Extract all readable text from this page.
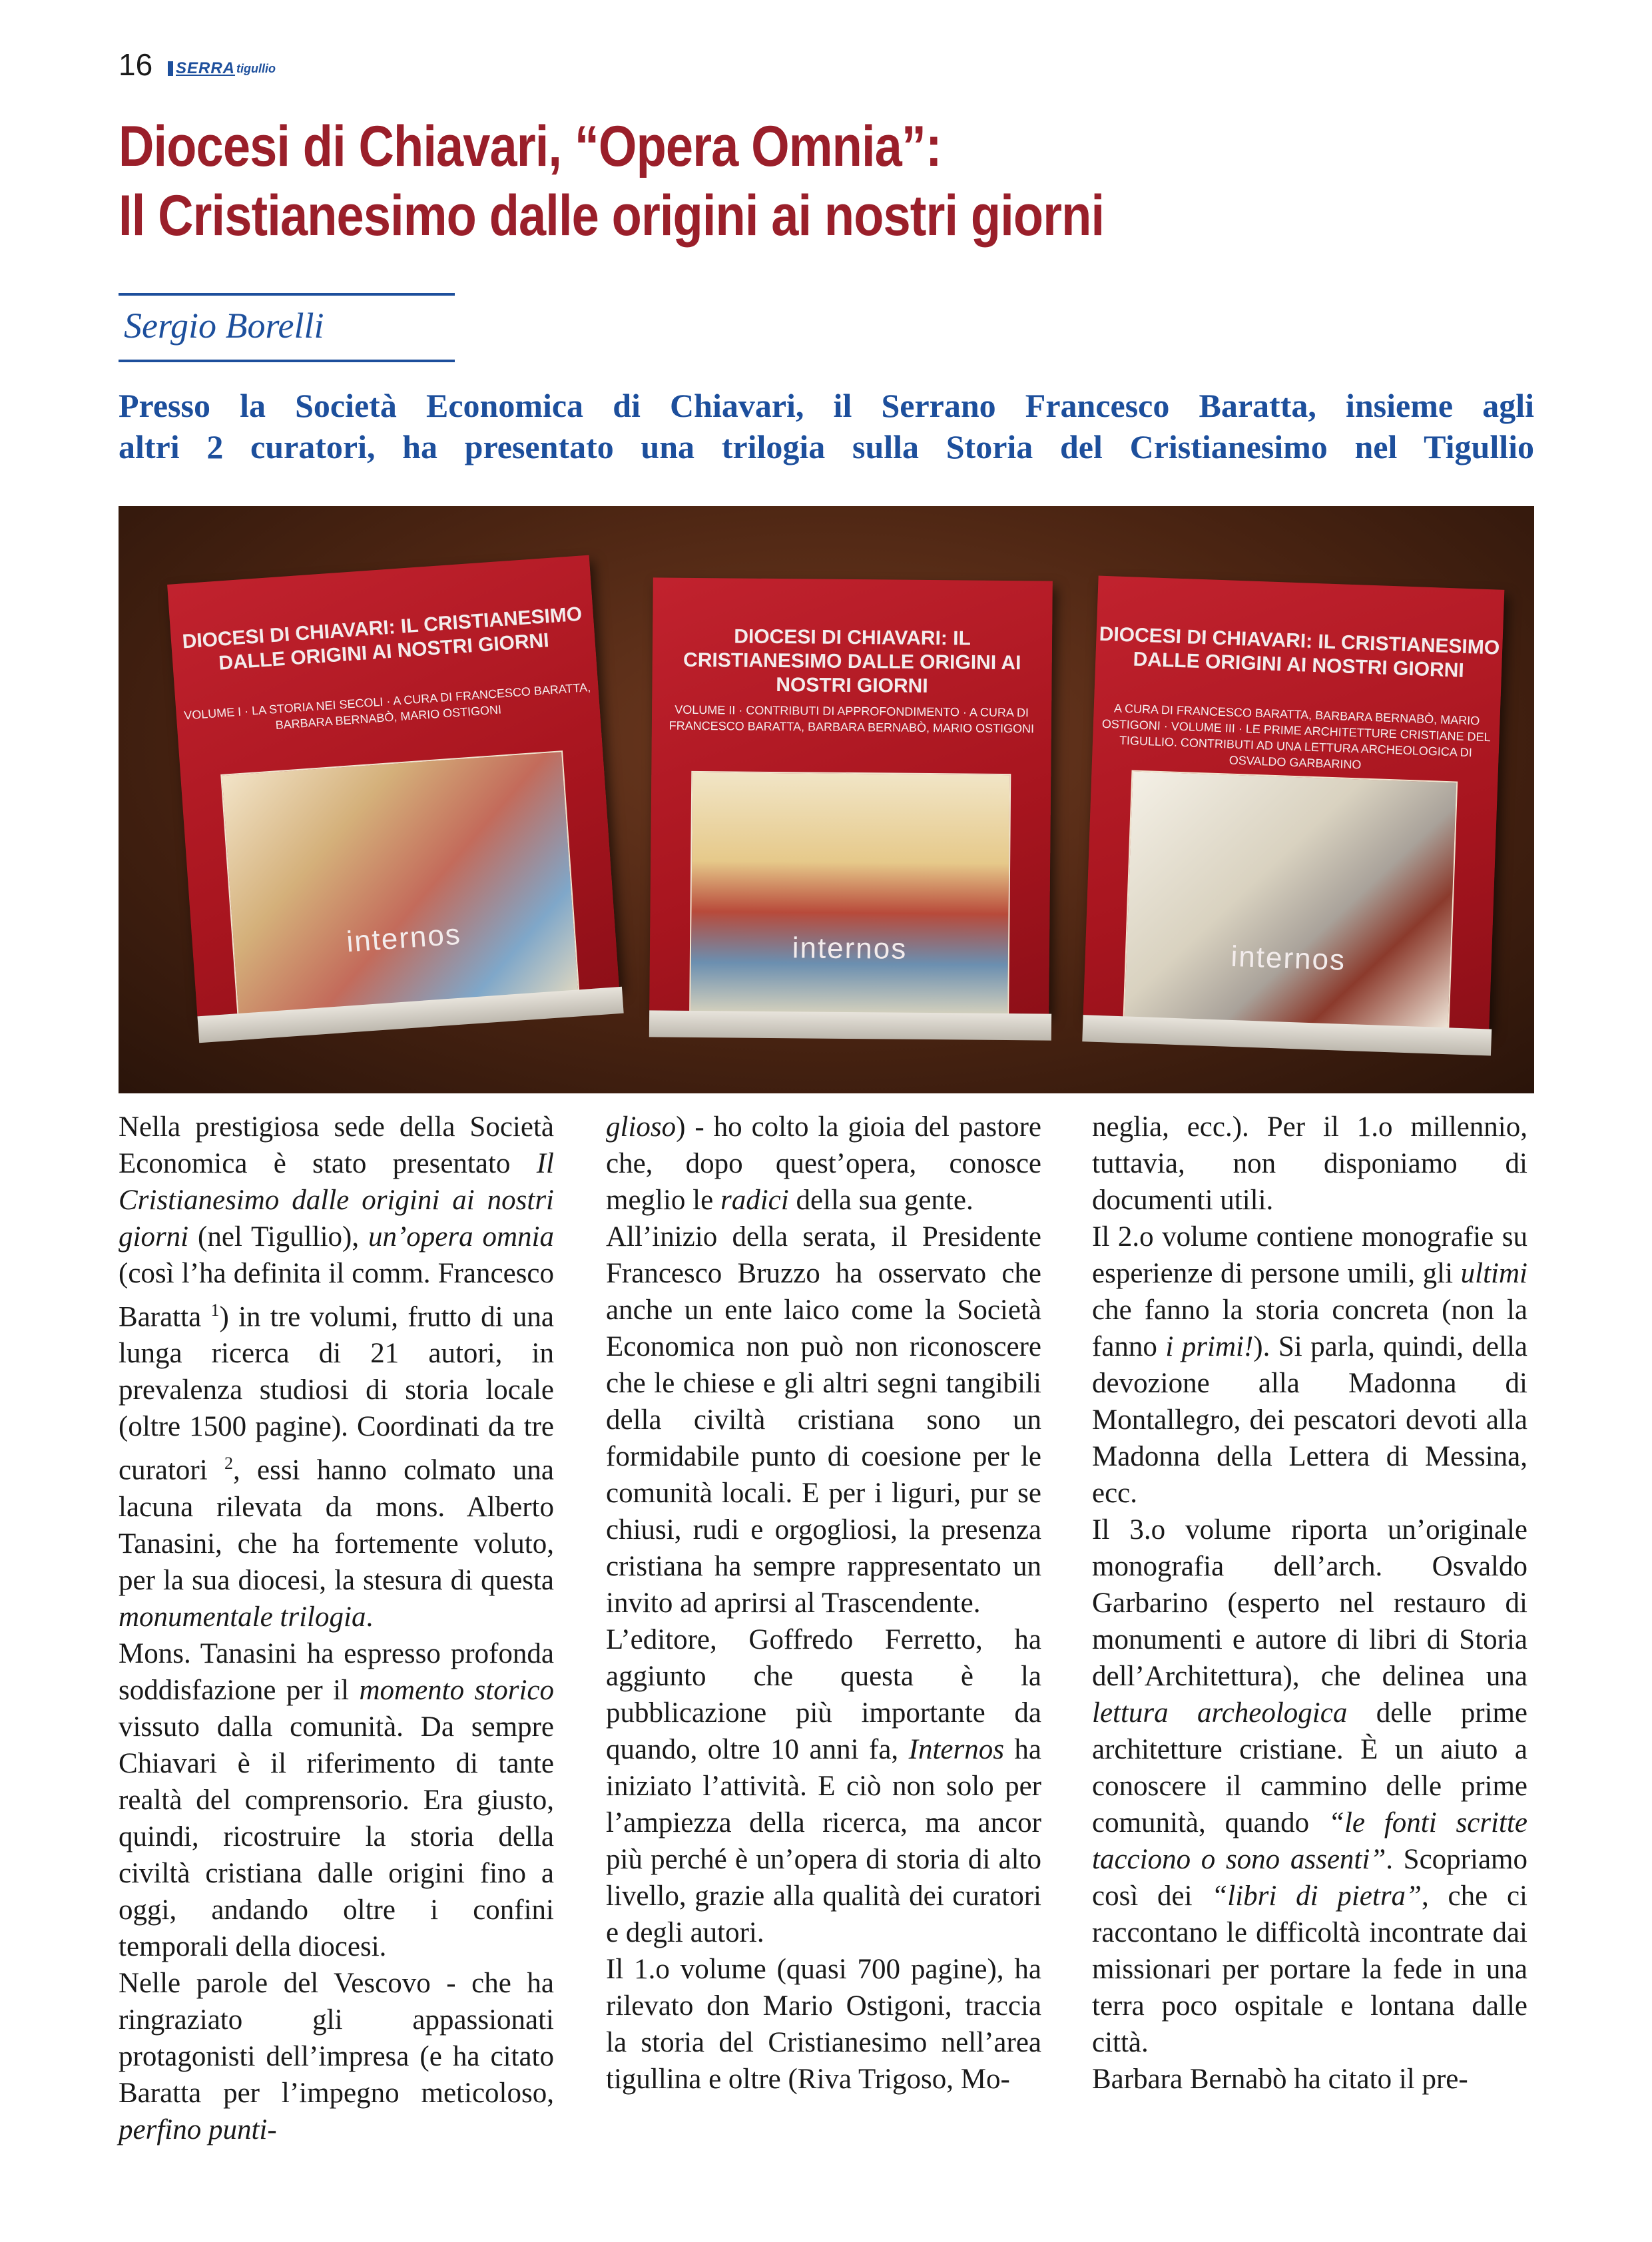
16 SERRA tigullio
Diocesi di Chiavari, “Opera Omnia”:
Il Cristianesimo dalle origini ai nostri giorni
Sergio Borelli

Presso la Società Economica di Chiavari, il Serrano Francesco Baratta, insieme agli
altri 2 curatori, ha presentato una trilogia sulla Storia del Cristianesimo nel Tigullio

DIOCESI DI CHIAVARI: IL CRISTIANESIMO DALLE ORIGINI AI NOSTRI GIORNI
VOLUME I · LA STORIA NEI SECOLI · A CURA DI FRANCESCO BARATTA, BARBARA BERNABÒ, MARIO OSTIGONI
internos
DIOCESI DI CHIAVARI: IL CRISTIANESIMO DALLE ORIGINI AI NOSTRI GIORNI
VOLUME II · CONTRIBUTI DI APPROFONDIMENTO · A CURA DI FRANCESCO BARATTA, BARBARA BERNABÒ, MARIO OSTIGONI
internos
DIOCESI DI CHIAVARI: IL CRISTIANESIMO DALLE ORIGINI AI NOSTRI GIORNI
A CURA DI FRANCESCO BARATTA, BARBARA BERNABÒ, MARIO OSTIGONI · VOLUME III · LE PRIME ARCHITETTURE CRISTIANE DEL TIGULLIO. CONTRIBUTI AD UNA LETTURA ARCHEOLOGICA DI OSVALDO GARBARINO
internos

Nella prestigiosa sede della Società Economica è stato presentato Il Cristianesimo dalle origini ai nostri giorni (nel Tigullio), un’opera omnia (così l’ha definita il comm. Francesco Baratta $^1$) in tre volumi, frutto di una lunga ricerca di 21 autori, in prevalenza studiosi di storia locale (oltre 1500 pagine). Coordinati da tre curatori $^2$, essi hanno colmato una lacuna rilevata da mons. Alberto Tanasini, che ha fortemente voluto, per la sua diocesi, la stesura di questa monumentale trilogia.

Mons. Tanasini ha espresso profonda soddisfazione per il momento storico vissuto dalla comunità. Da sempre Chiavari è il riferimento di tante realtà del comprensorio. Era giusto, quindi, ricostruire la storia della civiltà cristiana dalle origini fino a oggi, andando oltre i confini temporali della diocesi.

Nelle parole del Vescovo - che ha ringraziato gli appassionati protagonisti dell’impresa (e ha citato Baratta per l’impegno meticoloso, perfino punti-

glioso) - ho colto la gioia del pastore che, dopo quest’opera, conosce meglio le radici della sua gente.

All’inizio della serata, il Presidente Francesco Bruzzo ha osservato che anche un ente laico come la Società Economica non può non riconoscere che le chiese e gli altri segni tangibili della civiltà cristiana sono un formidabile punto di coesione per le comunità locali. E per i liguri, pur se chiusi, rudi e orgogliosi, la presenza cristiana ha sempre rappresentato un invito ad aprirsi al Trascendente.

L’editore, Goffredo Ferretto, ha aggiunto che questa è la pubblicazione più importante da quando, oltre 10 anni fa, Internos ha iniziato l’attività. E ciò non solo per l’ampiezza della ricerca, ma ancor più perché è un’opera di storia di alto livello, grazie alla qualità dei curatori e degli autori.

Il 1.o volume (quasi 700 pagine), ha rilevato don Mario Ostigoni, traccia la storia del Cristianesimo nell’area tigullina e oltre (Riva Trigoso, Mo-

neglia, ecc.). Per il 1.o millennio, tuttavia, non disponiamo di documenti utili.

Il 2.o volume contiene monografie su esperienze di persone umili, gli ultimi che fanno la storia concreta (non la fanno i primi!). Si parla, quindi, della devozione alla Madonna di Montallegro, dei pescatori devoti alla Madonna della Lettera di Messina, ecc.

Il 3.o volume riporta un’originale monografia dell’arch. Osvaldo Garbarino (esperto nel restauro di monumenti e autore di libri di Storia dell’Architettura), che delinea una lettura archeologica delle prime architetture cristiane. È un aiuto a conoscere il cammino delle prime comunità, quando “le fonti scritte tacciono o sono assenti”. Scopriamo così dei “libri di pietra”, che ci raccontano le difficoltà incontrate dai missionari per portare la fede in una terra poco ospitale e lontana dalle città.

Barbara Bernabò ha citato il pre-
